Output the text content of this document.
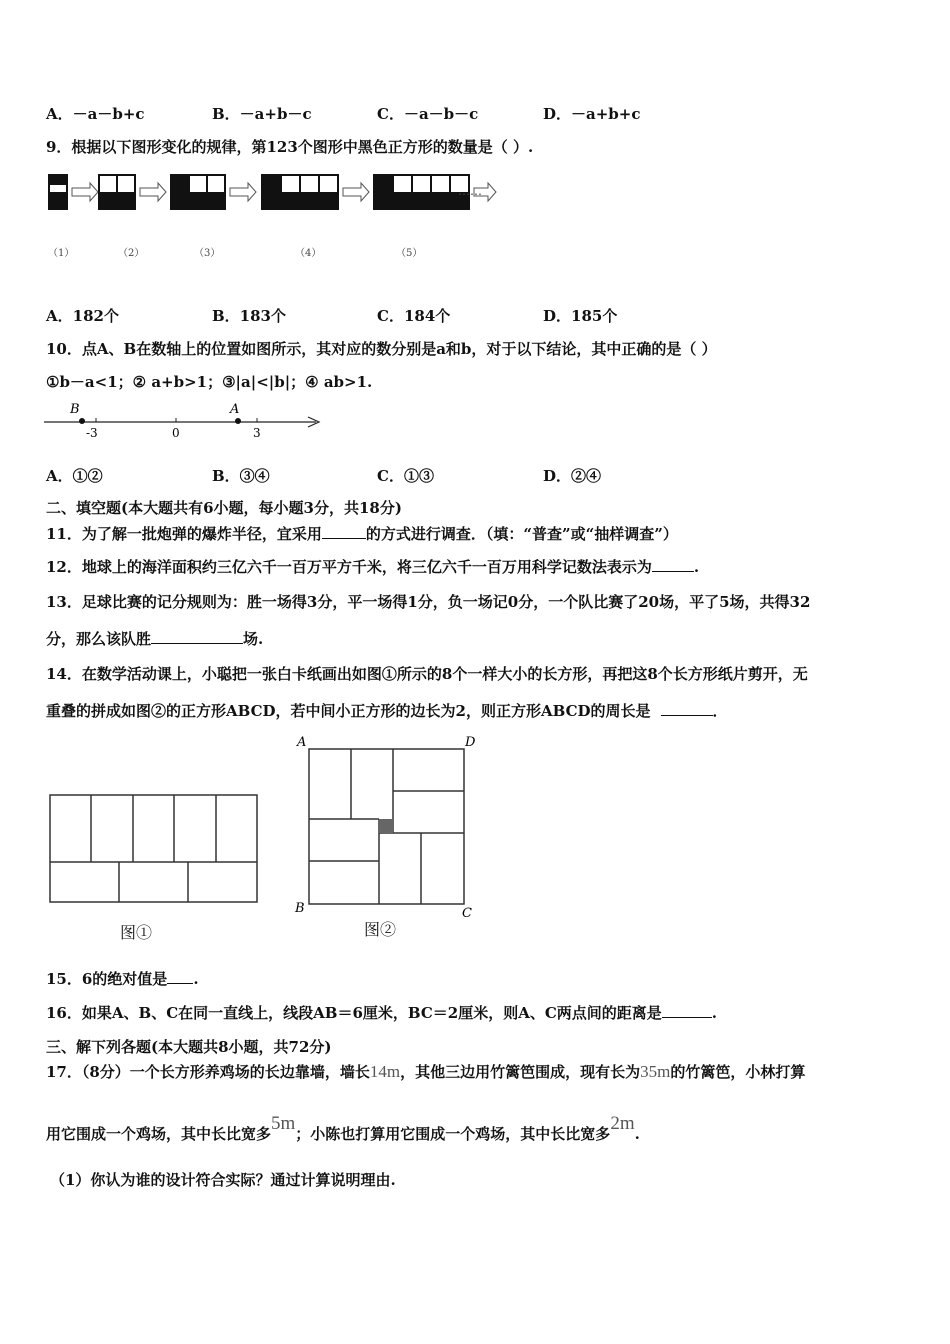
A．－a－b+c	B．－a+b－c	C．－a－b－c	D．－a+b+c
9．根据以下图形变化的规律，第123个图形中黑色正方形的数量是（ ）.
……
（1）	（2）	（3）	（4）	（5）
A．182个	B．183个	C．184个	D．185个
10．点A、B在数轴上的位置如图所示，其对应的数分别是a和b，对于以下结论，其中正确的是（ ）
①b－a<1；② a+b>1；③|a|<|b|；④ ab>1.
B	A
-3	0	3
A．①②	B．③④	C．①③	D．②④
二、填空题(本大题共有6小题，每小题3分，共18分)
11．为了解一批炮弹的爆炸半径，宜采用	的方式进行调查．（填：“普查”或“抽样调查”）
12．地球上的海洋面积约三亿六千一百万平方千米，将三亿六千一百万用科学记数法表示为	.
13．足球比赛的记分规则为：胜一场得3分，平一场得1分，负一场记0分，一个队比赛了20场，平了5场，共得32
分，那么该队胜	场.
14．在数学活动课上，小聪把一张白卡纸画出如图①所示的8个一样大小的长方形，再把这8个长方形纸片剪开，无
重叠的拼成如图②的正方形ABCD，若中间小正方形的边长为2，则正方形ABCD的周长是	．
图①
A	D
B	C
图②
15．6的绝对值是 .
16．如果A、B、C在同一直线上，线段AB＝6厘米，BC＝2厘米，则A、C两点间的距离是	.
三、解下列各题(本大题共8小题，共72分)
17．（8分）一个长方形养鸡场的长边靠墙，墙长14m，其他三边用竹篱笆围成，现有长为35m的竹篱笆，小林打算
用它围成一个鸡场，其中长比宽多5m；小陈也打算用它围成一个鸡场，其中长比宽多2m.
（1）你认为谁的设计符合实际？通过计算说明理由.
